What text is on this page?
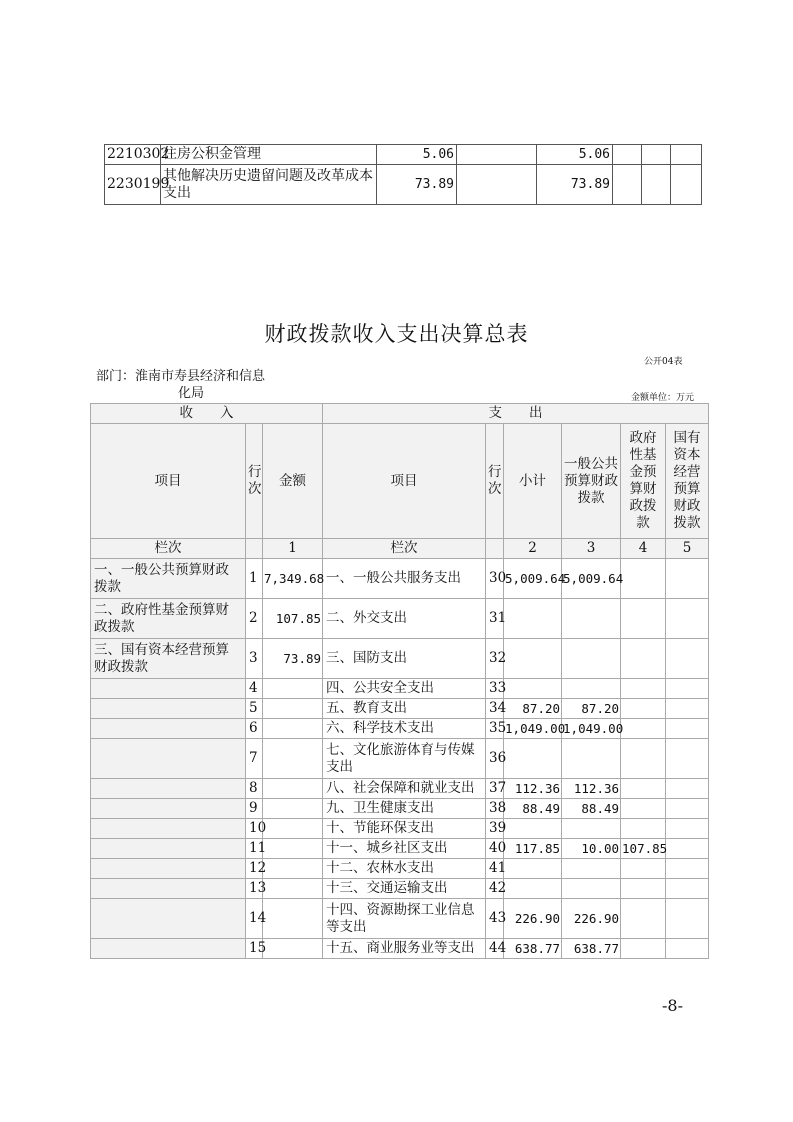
2210302	住房公积金管理	5.06		5.06			
2230199	其他解决历史遗留问题及改革成本支出	73.89		73.89			
财政拨款收入支出决算总表
公开04表
部门：淮南市寿县经济和信息
化局	金额单位：万元
收　　入			支　　出					
项目	行次	金额	项目	行次	小计	一般公共预算财政拨款	政府性基金预算财政拨款	国有资本经营预算财政拨款
栏次		1	栏次		2	3	4	5
一、一般公共预算财政拨款	1	7,349.68	一、一般公共服务支出	30	5,009.64	5,009.64		
二、政府性基金预算财政拨款	2	107.85	二、外交支出	31				
三、国有资本经营预算财政拨款	3	73.89	三、国防支出	32				
	4		四、公共安全支出	33				
	5		五、教育支出	34	87.20	87.20		
	6		六、科学技术支出	35	1,049.00	1,049.00		
	7		七、文化旅游体育与传媒支出	36				
	8		八、社会保障和就业支出	37	112.36	112.36		
	9		九、卫生健康支出	38	88.49	88.49		
	10		十、节能环保支出	39				
	11		十一、城乡社区支出	40	117.85	10.00	107.85	
	12		十二、农林水支出	41				
	13		十三、交通运输支出	42				
	14		十四、资源勘探工业信息等支出	43	226.90	226.90		
	15		十五、商业服务业等支出	44	638.77	638.77		
-8-
